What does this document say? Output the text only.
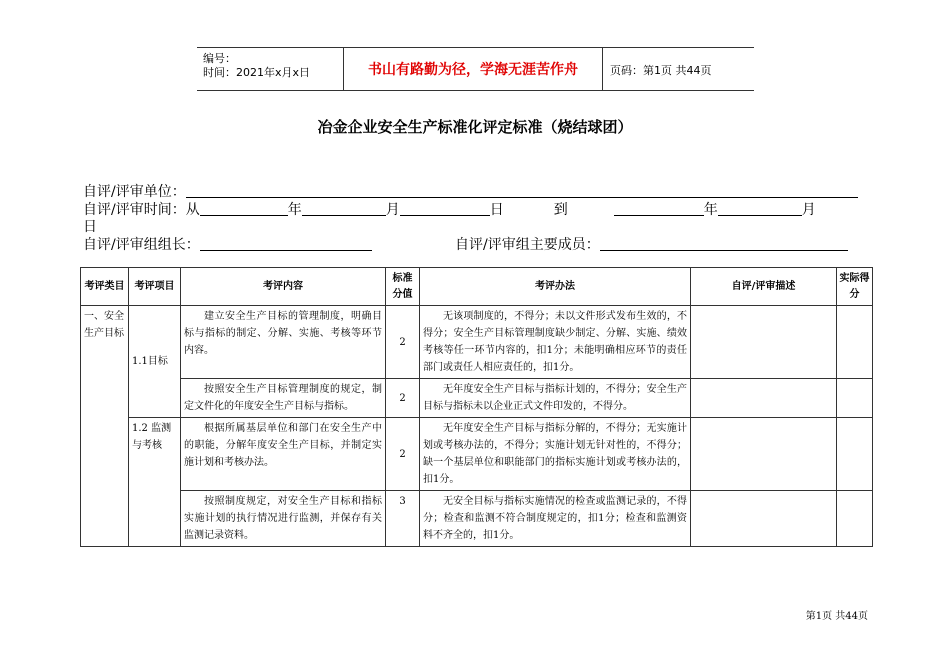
编号：
时间：2021年x月x日	书山有路勤为径，学海无涯苦作舟	页码：第1页 共44页
冶金企业安全生产标准化评定标准（烧结球团）
自评/评审单位：
自评/评审时间：从	年	月	日	到	年	月
日
自评/评审组组长：	自评/评审组主要成员：
考评类目	考评项目	考评内容	标准分值	考评办法	自评/评审描述	实际得分
一、安全生产目标	1.1目标	建立安全生产目标的管理制度，明确目标与指标的制定、分解、实施、考核等环节内容。	2	无该项制度的，不得分；未以文件形式发布生效的，不得分；安全生产目标管理制度缺少制定、分解、实施、绩效考核等任一环节内容的，扣1分；未能明确相应环节的责任部门或责任人相应责任的，扣1分。		
		按照安全生产目标管理制度的规定，制定文件化的年度安全生产目标与指标。	2	无年度安全生产目标与指标计划的，不得分；安全生产目标与指标未以企业正式文件印发的，不得分。		
	1.2 监测与考核	根据所属基层单位和部门在安全生产中的职能，分解年度安全生产目标，并制定实施计划和考核办法。	2	无年度安全生产目标与指标分解的，不得分；无实施计划或考核办法的，不得分；实施计划无针对性的，不得分；缺一个基层单位和职能部门的指标实施计划或考核办法的，扣1分。		
		按照制度规定，对安全生产目标和指标实施计划的执行情况进行监测，并保存有关监测记录资料。	3	无安全目标与指标实施情况的检查或监测记录的，不得分；检查和监测不符合制度规定的，扣1分；检查和监测资料不齐全的，扣1分。		
第1页 共44页
